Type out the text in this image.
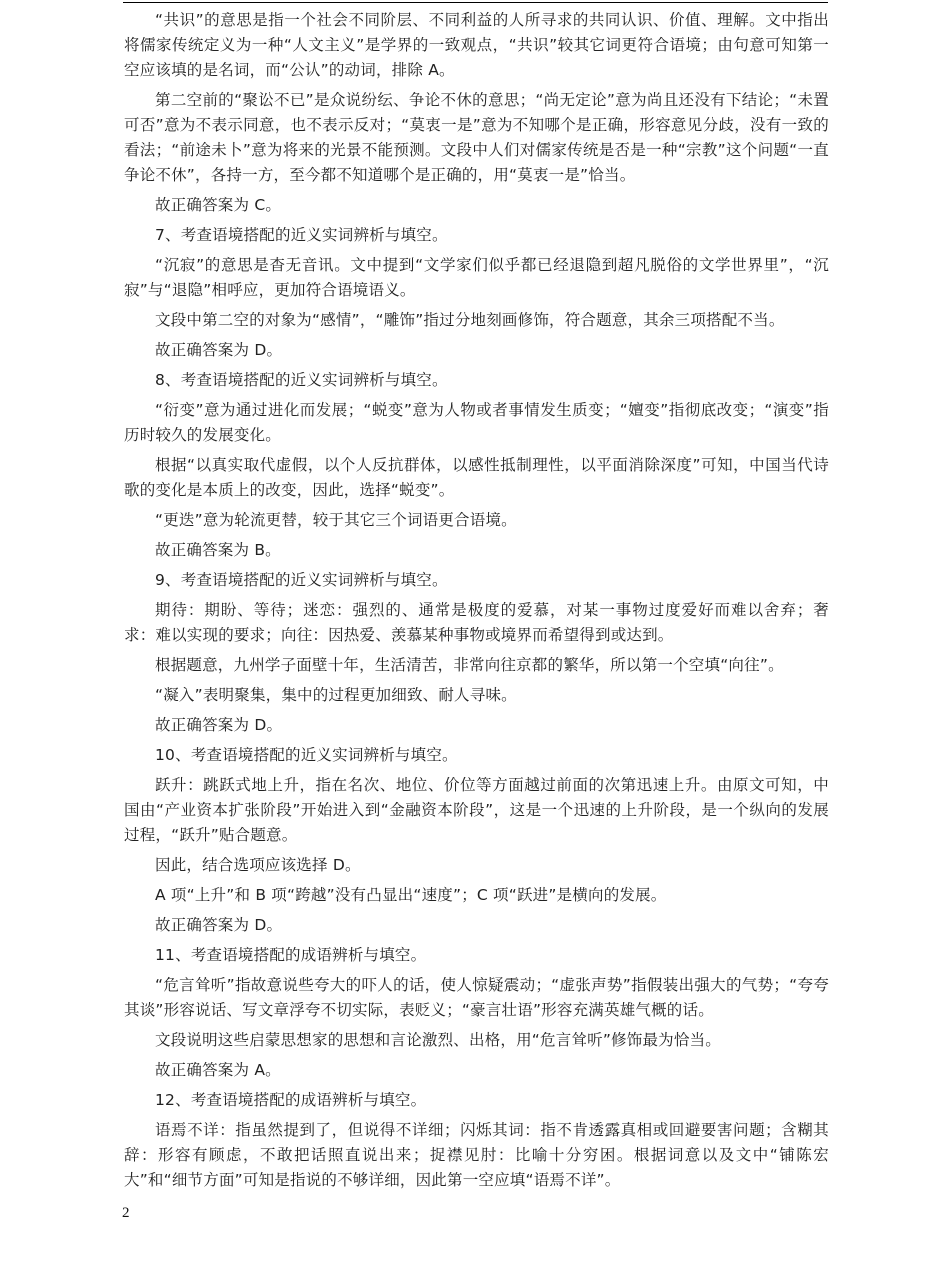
“共识”的意思是指一个社会不同阶层、不同利益的人所寻求的共同认识、价值、理解。文中指出将儒家传统定义为一种“人文主义”是学界的一致观点，“共识”较其它词更符合语境；由句意可知第一空应该填的是名词，而“公认”的动词，排除 A。

第二空前的“聚讼不已”是众说纷纭、争论不休的意思；“尚无定论”意为尚且还没有下结论；“未置可否”意为不表示同意，也不表示反对；“莫衷一是”意为不知哪个是正确，形容意见分歧，没有一致的看法；“前途未卜”意为将来的光景不能预测。文段中人们对儒家传统是否是一种“宗教”这个问题“一直争论不休”，各持一方，至今都不知道哪个是正确的，用“莫衷一是”恰当。

故正确答案为 C。

7、考查语境搭配的近义实词辨析与填空。

“沉寂”的意思是杳无音讯。文中提到“文学家们似乎都已经退隐到超凡脱俗的文学世界里”，“沉寂”与“退隐”相呼应，更加符合语境语义。

文段中第二空的对象为“感情”，“雕饰”指过分地刻画修饰，符合题意，其余三项搭配不当。

故正确答案为 D。

8、考查语境搭配的近义实词辨析与填空。

“衍变”意为通过进化而发展；“蜕变”意为人物或者事情发生质变；“嬗变”指彻底改变；“演变”指历时较久的发展变化。

根据“以真实取代虚假，以个人反抗群体，以感性抵制理性，以平面消除深度”可知，中国当代诗歌的变化是本质上的改变，因此，选择“蜕变”。

“更迭”意为轮流更替，较于其它三个词语更合语境。

故正确答案为 B。

9、考查语境搭配的近义实词辨析与填空。

期待：期盼、等待；迷恋：强烈的、通常是极度的爱慕，对某一事物过度爱好而难以舍弃；奢求：难以实现的要求；向往：因热爱、羡慕某种事物或境界而希望得到或达到。

根据题意，九州学子面壁十年，生活清苦，非常向往京都的繁华，所以第一个空填“向往”。

“凝入”表明聚集，集中的过程更加细致、耐人寻味。

故正确答案为 D。

10、考查语境搭配的近义实词辨析与填空。

跃升：跳跃式地上升，指在名次、地位、价位等方面越过前面的次第迅速上升。由原文可知，中国由“产业资本扩张阶段”开始进入到“金融资本阶段”，这是一个迅速的上升阶段，是一个纵向的发展过程，“跃升”贴合题意。

因此，结合选项应该选择 D。

A 项“上升”和 B 项“跨越”没有凸显出“速度”；C 项“跃进”是横向的发展。

故正确答案为 D。

11、考查语境搭配的成语辨析与填空。

“危言耸听”指故意说些夸大的吓人的话，使人惊疑震动；“虚张声势”指假装出强大的气势；“夸夸其谈”形容说话、写文章浮夸不切实际，表贬义；“豪言壮语”形容充满英雄气概的话。

文段说明这些启蒙思想家的思想和言论激烈、出格，用“危言耸听”修饰最为恰当。

故正确答案为 A。

12、考查语境搭配的成语辨析与填空。

语焉不详：指虽然提到了，但说得不详细；闪烁其词：指不肯透露真相或回避要害问题；含糊其辞：形容有顾虑，不敢把话照直说出来；捉襟见肘：比喻十分穷困。根据词意以及文中“铺陈宏大”和“细节方面”可知是指说的不够详细，因此第一空应填“语焉不详”。

2
